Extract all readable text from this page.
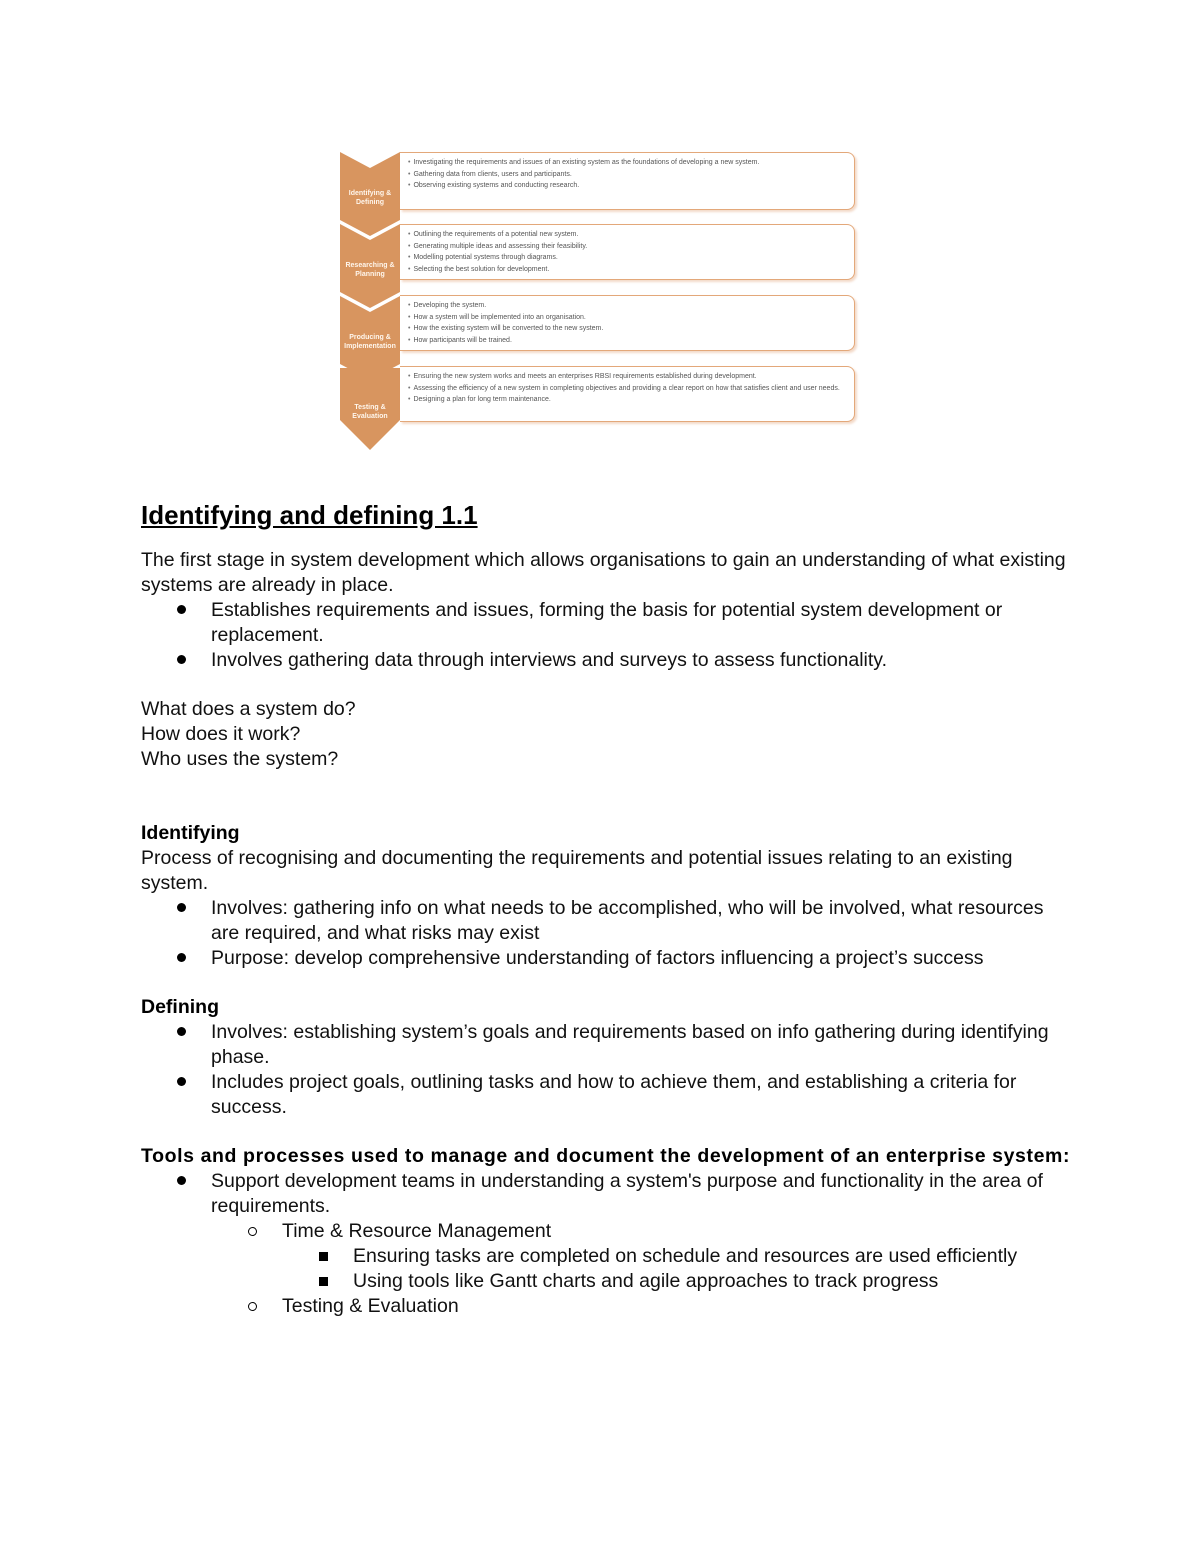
Identifying & Defining
Researching & Planning
Producing & Implementation
Testing & Evaluation
• Investigating the requirements and issues of an existing system as the foundations of developing a new system.
• Gathering data from clients, users and participants.
• Observing existing systems and conducting research.
• Outlining the requirements of a potential new system.
• Generating multiple ideas and assessing their feasibility.
• Modelling potential systems through diagrams.
• Selecting the best solution for development.
• Developing the system.
• How a system will be implemented into an organisation.
• How the existing system will be converted to the new system.
• How participants will be trained.
• Ensuring the new system works and meets an enterprises RBSI requirements established during development.
• Assessing the efficiency of a new system in completing objectives and providing a clear report on how that satisfies client and user needs.
• Designing a plan for long term maintenance.
Identifying and defining 1.1

The first stage in system development which allows organisations to gain an understanding of what existing systems are already in place.

Establishes requirements and issues, forming the basis for potential system development or replacement.
Involves gathering data through interviews and surveys to assess functionality.

What does a system do?

How does it work?

Who uses the system?

Identifying

Process of recognising and documenting the requirements and potential issues relating to an existing system.

Involves: gathering info on what needs to be accomplished, who will be involved, what resources are required, and what risks may exist
Purpose: develop comprehensive understanding of factors influencing a project’s success
Defining
Involves: establishing system’s goals and requirements based on info gathering during identifying phase.
Includes project goals, outlining tasks and how to achieve them, and establishing a criteria for success.
Tools and processes used to manage and document the development of an enterprise system:
Support development teams in understanding a system's purpose and functionality in the area of requirements.
Time & Resource Management
Ensuring tasks are completed on schedule and resources are used efficiently
Using tools like Gantt charts and agile approaches to track progress
Testing & Evaluation
